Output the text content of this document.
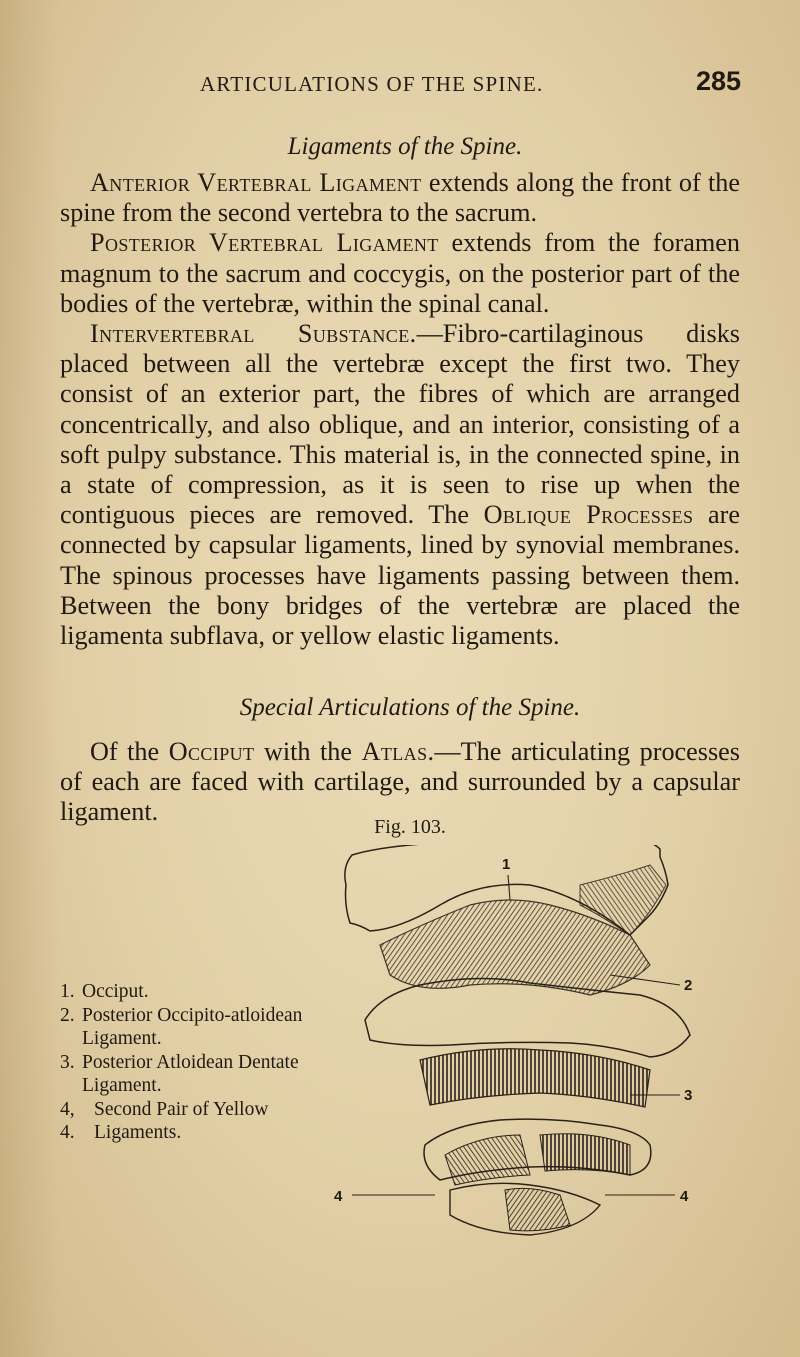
ARTICULATIONS OF THE SPINE.	285
Ligaments of the Spine.

Anterior Vertebral Ligament extends along the front of the spine from the second vertebra to the sacrum.

Posterior Vertebral Ligament extends from the foramen magnum to the sacrum and coccygis, on the posterior part of the bodies of the vertebræ, within the spinal canal.

Intervertebral Substance.—Fibro-cartilaginous disks placed between all the vertebræ except the first two. They consist of an exterior part, the fibres of which are arranged concentrically, and also oblique, and an interior, consisting of a soft pulpy substance. This material is, in the connected spine, in a state of compression, as it is seen to rise up when the contiguous pieces are removed. The Oblique Processes are connected by capsular ligaments, lined by synovial membranes. The spinous processes have ligaments passing between them. Between the bony bridges of the vertebræ are placed the ligamenta subflava, or yellow elastic ligaments.

Special Articulations of the Spine.

Of the Occiput with the Atlas.—The articulating processes of each are faced with cartilage, and surrounded by a capsular ligament.

Fig. 103.
1. Occiput.
2. Posterior Occipito-atloidean Ligament.
3. Posterior Atloidean Dentate Ligament.
4, 4.
Second Pair of Yellow Ligaments.
1
2
3
4	4
